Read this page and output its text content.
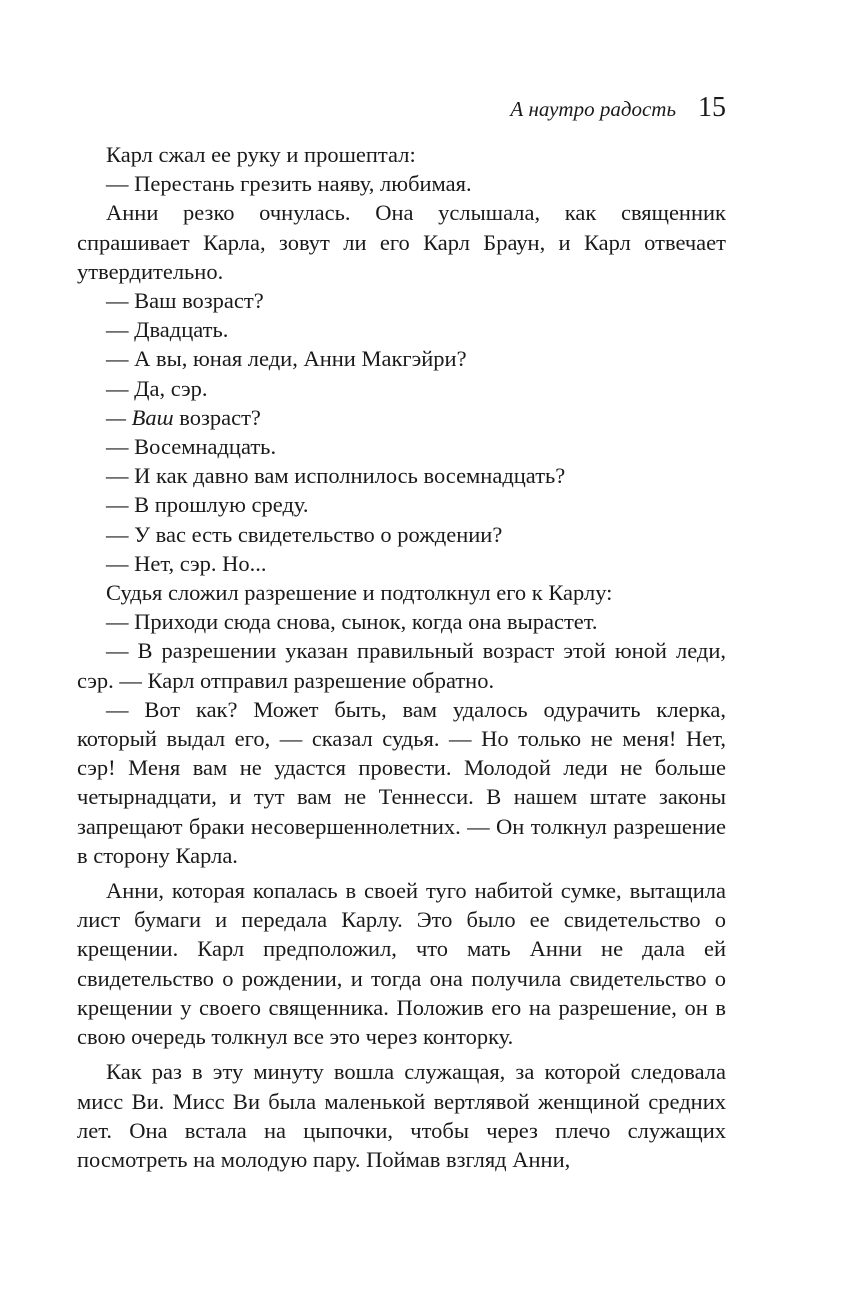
А наутро радость 15

Карл сжал ее руку и прошептал:

— Перестань грезить наяву, любимая.

Анни резко очнулась. Она услышала, как священник спрашивает Карла, зовут ли его Карл Браун, и Карл отвечает утвердительно.

— Ваш возраст?

— Двадцать.

— А вы, юная леди, Анни Макгэйри?

— Да, сэр.

— Ваш возраст?

— Восемнадцать.

— И как давно вам исполнилось восемнадцать?

— В прошлую среду.

— У вас есть свидетельство о рождении?

— Нет, сэр. Но...

Судья сложил разрешение и подтолкнул его к Карлу:

— Приходи сюда снова, сынок, когда она вырастет.

— В разрешении указан правильный возраст этой юной леди, сэр. — Карл отправил разрешение обратно.

— Вот как? Может быть, вам удалось одурачить клерка, который выдал его, — сказал судья. — Но только не меня! Нет, сэр! Меня вам не удастся провести. Молодой леди не больше четырнадцати, и тут вам не Теннесси. В нашем штате законы запрещают браки несовершеннолетних. — Он толкнул разрешение в сторону Карла.

Анни, которая копалась в своей туго набитой сумке, вытащила лист бумаги и передала Карлу. Это было ее свидетельство о крещении. Карл предположил, что мать Анни не дала ей свидетельство о рождении, и тогда она получила свидетельство о крещении у своего священника. Положив его на разрешение, он в свою очередь толкнул все это через конторку.

Как раз в эту минуту вошла служащая, за которой следовала мисс Ви. Мисс Ви была маленькой вертлявой женщиной средних лет. Она встала на цыпочки, чтобы через плечо служащих посмотреть на молодую пару. Поймав взгляд Анни,
